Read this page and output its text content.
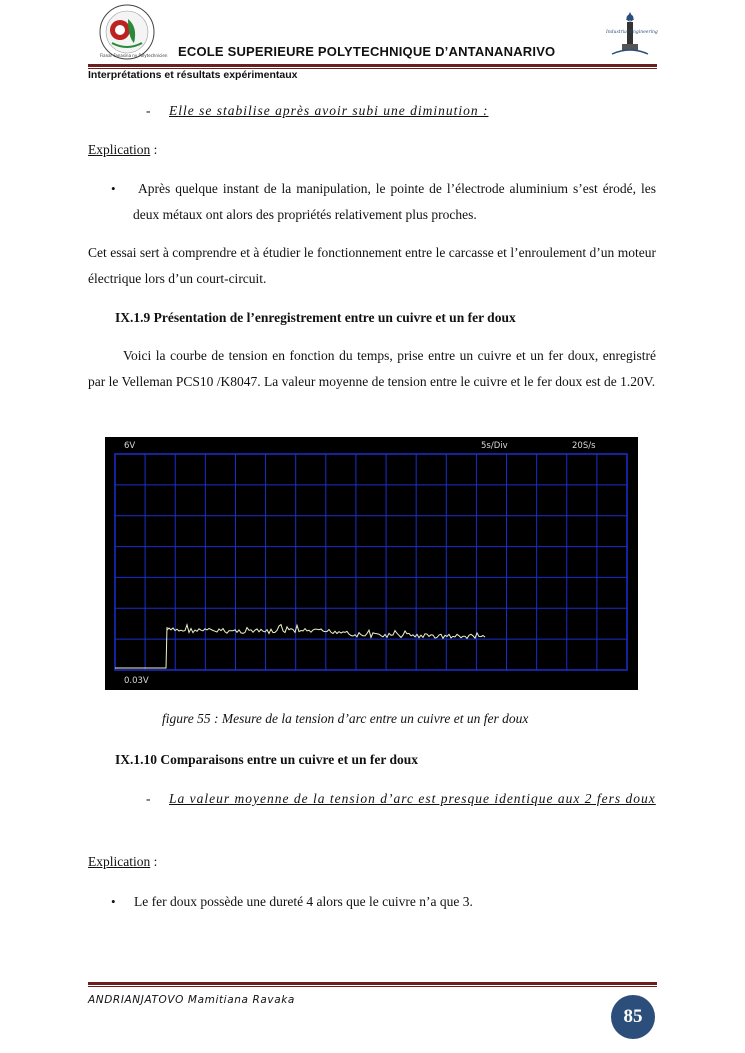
Fianar Fanasina ny Polytechnicien
Industrial Engineering
ECOLE SUPERIEURE POLYTECHNIQUE D’ANTANANARIVO
Interprétations et résultats expérimentaux
- Elle se stabilise après avoir subi une diminution :
Explication :
•	Après quelque instant de la manipulation, le pointe de l’électrode aluminium s’est érodé, les deux métaux ont alors des propriétés relativement plus proches.
Cet essai sert à comprendre et à étudier le fonctionnement entre le carcasse et l’enroulement d’un moteur électrique lors d’un court-circuit.
IX.1.9 Présentation de l’enregistrement entre un cuivre et un fer doux
Voici la courbe de tension en fonction du temps, prise entre un cuivre et un fer doux, enregistré par le Velleman PCS10 /K8047. La valeur moyenne de tension entre le cuivre et le fer doux est de 1.20V.
6V	5s/Div	20S/s
0.03V
figure 55 : Mesure de la tension d’arc entre un cuivre et un fer doux
IX.1.10 Comparaisons entre un cuivre et un fer doux
- La valeur moyenne de la tension d’arc est presque identique aux 2 fers doux
Explication :
• Le fer doux possède une dureté 4 alors que le cuivre n’a que 3.
ANDRIANJATOVO Mamitiana Ravaka
85
